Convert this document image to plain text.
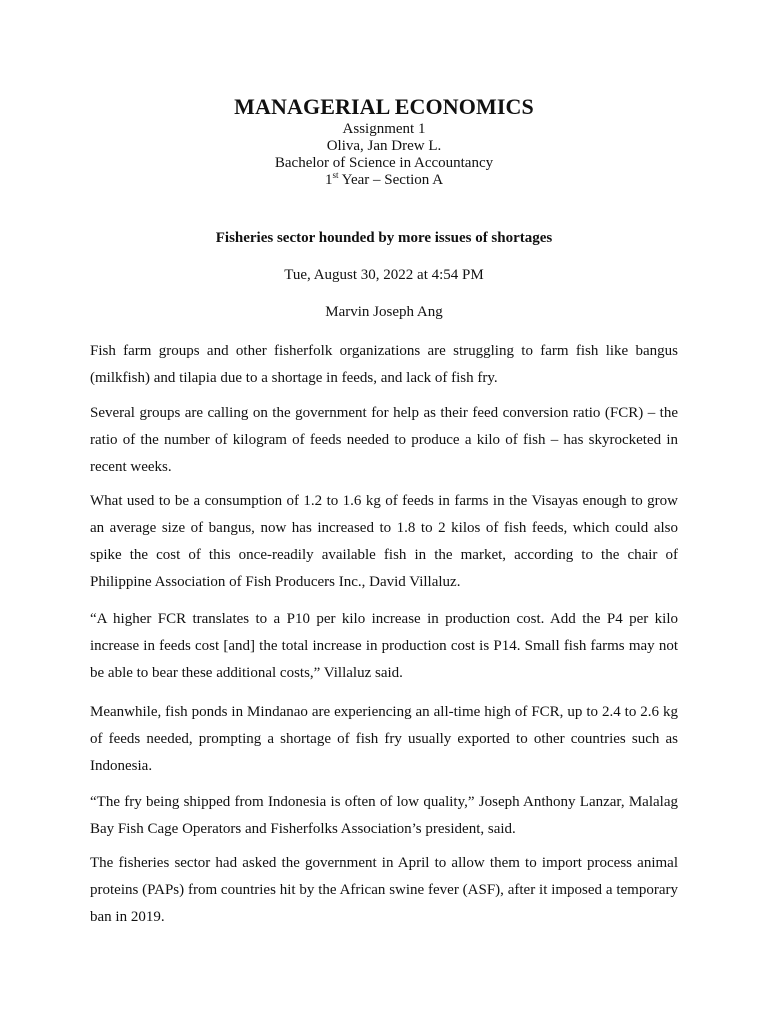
MANAGERIAL ECONOMICS

Assignment 1

Oliva, Jan Drew L.

Bachelor of Science in Accountancy

1st Year – Section A

Fisheries sector hounded by more issues of shortages

Tue, August 30, 2022 at 4:54 PM

Marvin Joseph Ang

Fish farm groups and other fisherfolk organizations are struggling to farm fish like bangus (milkfish) and tilapia due to a shortage in feeds, and lack of fish fry.

Several groups are calling on the government for help as their feed conversion ratio (FCR) – the ratio of the number of kilogram of feeds needed to produce a kilo of fish – has skyrocketed in recent weeks.

What used to be a consumption of 1.2 to 1.6 kg of feeds in farms in the Visayas enough to grow an average size of bangus, now has increased to 1.8 to 2 kilos of fish feeds, which could also spike the cost of this once-readily available fish in the market, according to the chair of Philippine Association of Fish Producers Inc., David Villaluz.

“A higher FCR translates to a P10 per kilo increase in production cost. Add the P4 per kilo increase in feeds cost [and] the total increase in production cost is P14. Small fish farms may not be able to bear these additional costs,” Villaluz said.

Meanwhile, fish ponds in Mindanao are experiencing an all-time high of FCR, up to 2.4 to 2.6 kg of feeds needed, prompting a shortage of fish fry usually exported to other countries such as Indonesia.

“The fry being shipped from Indonesia is often of low quality,” Joseph Anthony Lanzar, Malalag Bay Fish Cage Operators and Fisherfolks Association’s president, said.

The fisheries sector had asked the government in April to allow them to import process animal proteins (PAPs) from countries hit by the African swine fever (ASF), after it imposed a temporary ban in 2019.
